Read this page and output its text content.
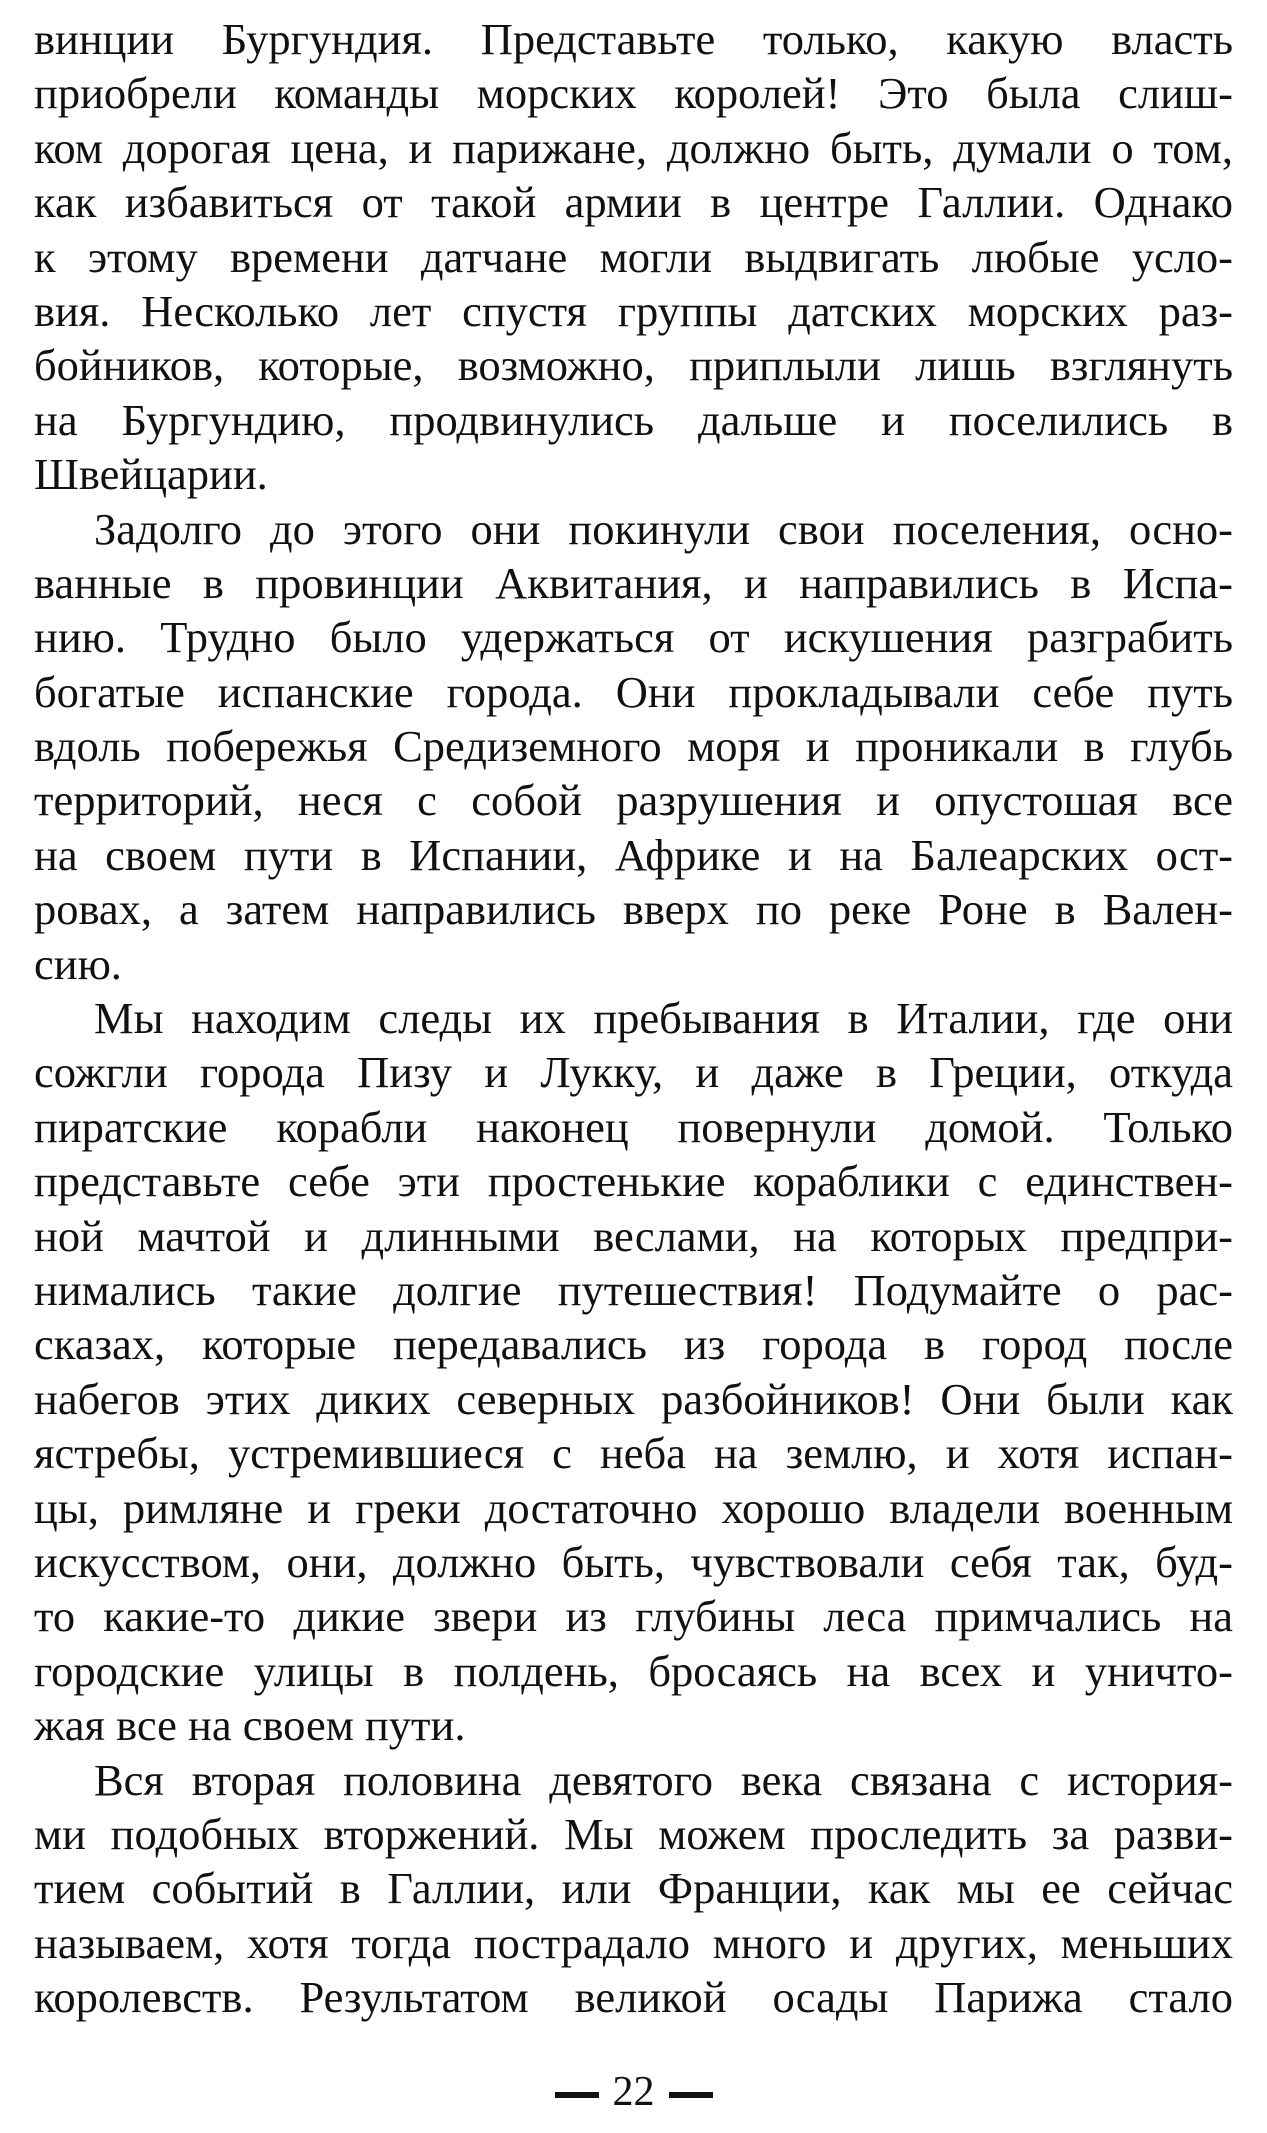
винции Бургундия. Представьте только, какую власть
приобрели команды морских королей! Это была слиш-
ком дорогая цена, и парижане, должно быть, думали о том,
как избавиться от такой армии в центре Галлии. Однако
к этому времени датчане могли выдвигать любые усло-
вия. Несколько лет спустя группы датских морских раз-
бойников, которые, возможно, приплыли лишь взглянуть
на Бургундию, продвинулись дальше и поселились в
Швейцарии.
Задолго до этого они покинули свои поселения, осно-
ванные в провинции Аквитания, и направились в Испа-
нию. Трудно было удержаться от искушения разграбить
богатые испанские города. Они прокладывали себе путь
вдоль побережья Средиземного моря и проникали в глубь
территорий, неся с собой разрушения и опустошая все
на своем пути в Испании, Африке и на Балеарских ост-
ровах, а затем направились вверх по реке Роне в Вален-
сию.
Мы находим следы их пребывания в Италии, где они
сожгли города Пизу и Лукку, и даже в Греции, откуда
пиратские корабли наконец повернули домой. Только
представьте себе эти простенькие кораблики с единствен-
ной мачтой и длинными веслами, на которых предпри-
нимались такие долгие путешествия! Подумайте о рас-
сказах, которые передавались из города в город после
набегов этих диких северных разбойников! Они были как
ястребы, устремившиеся с неба на землю, и хотя испан-
цы, римляне и греки достаточно хорошо владели военным
искусством, они, должно быть, чувствовали себя так, буд-
то какие-то дикие звери из глубины леса примчались на
городские улицы в полдень, бросаясь на всех и уничто-
жая все на своем пути.
Вся вторая половина девятого века связана с история-
ми подобных вторжений. Мы можем проследить за разви-
тием событий в Галлии, или Франции, как мы ее сейчас
называем, хотя тогда пострадало много и других, меньших
королевств. Результатом великой осады Парижа стало
22
